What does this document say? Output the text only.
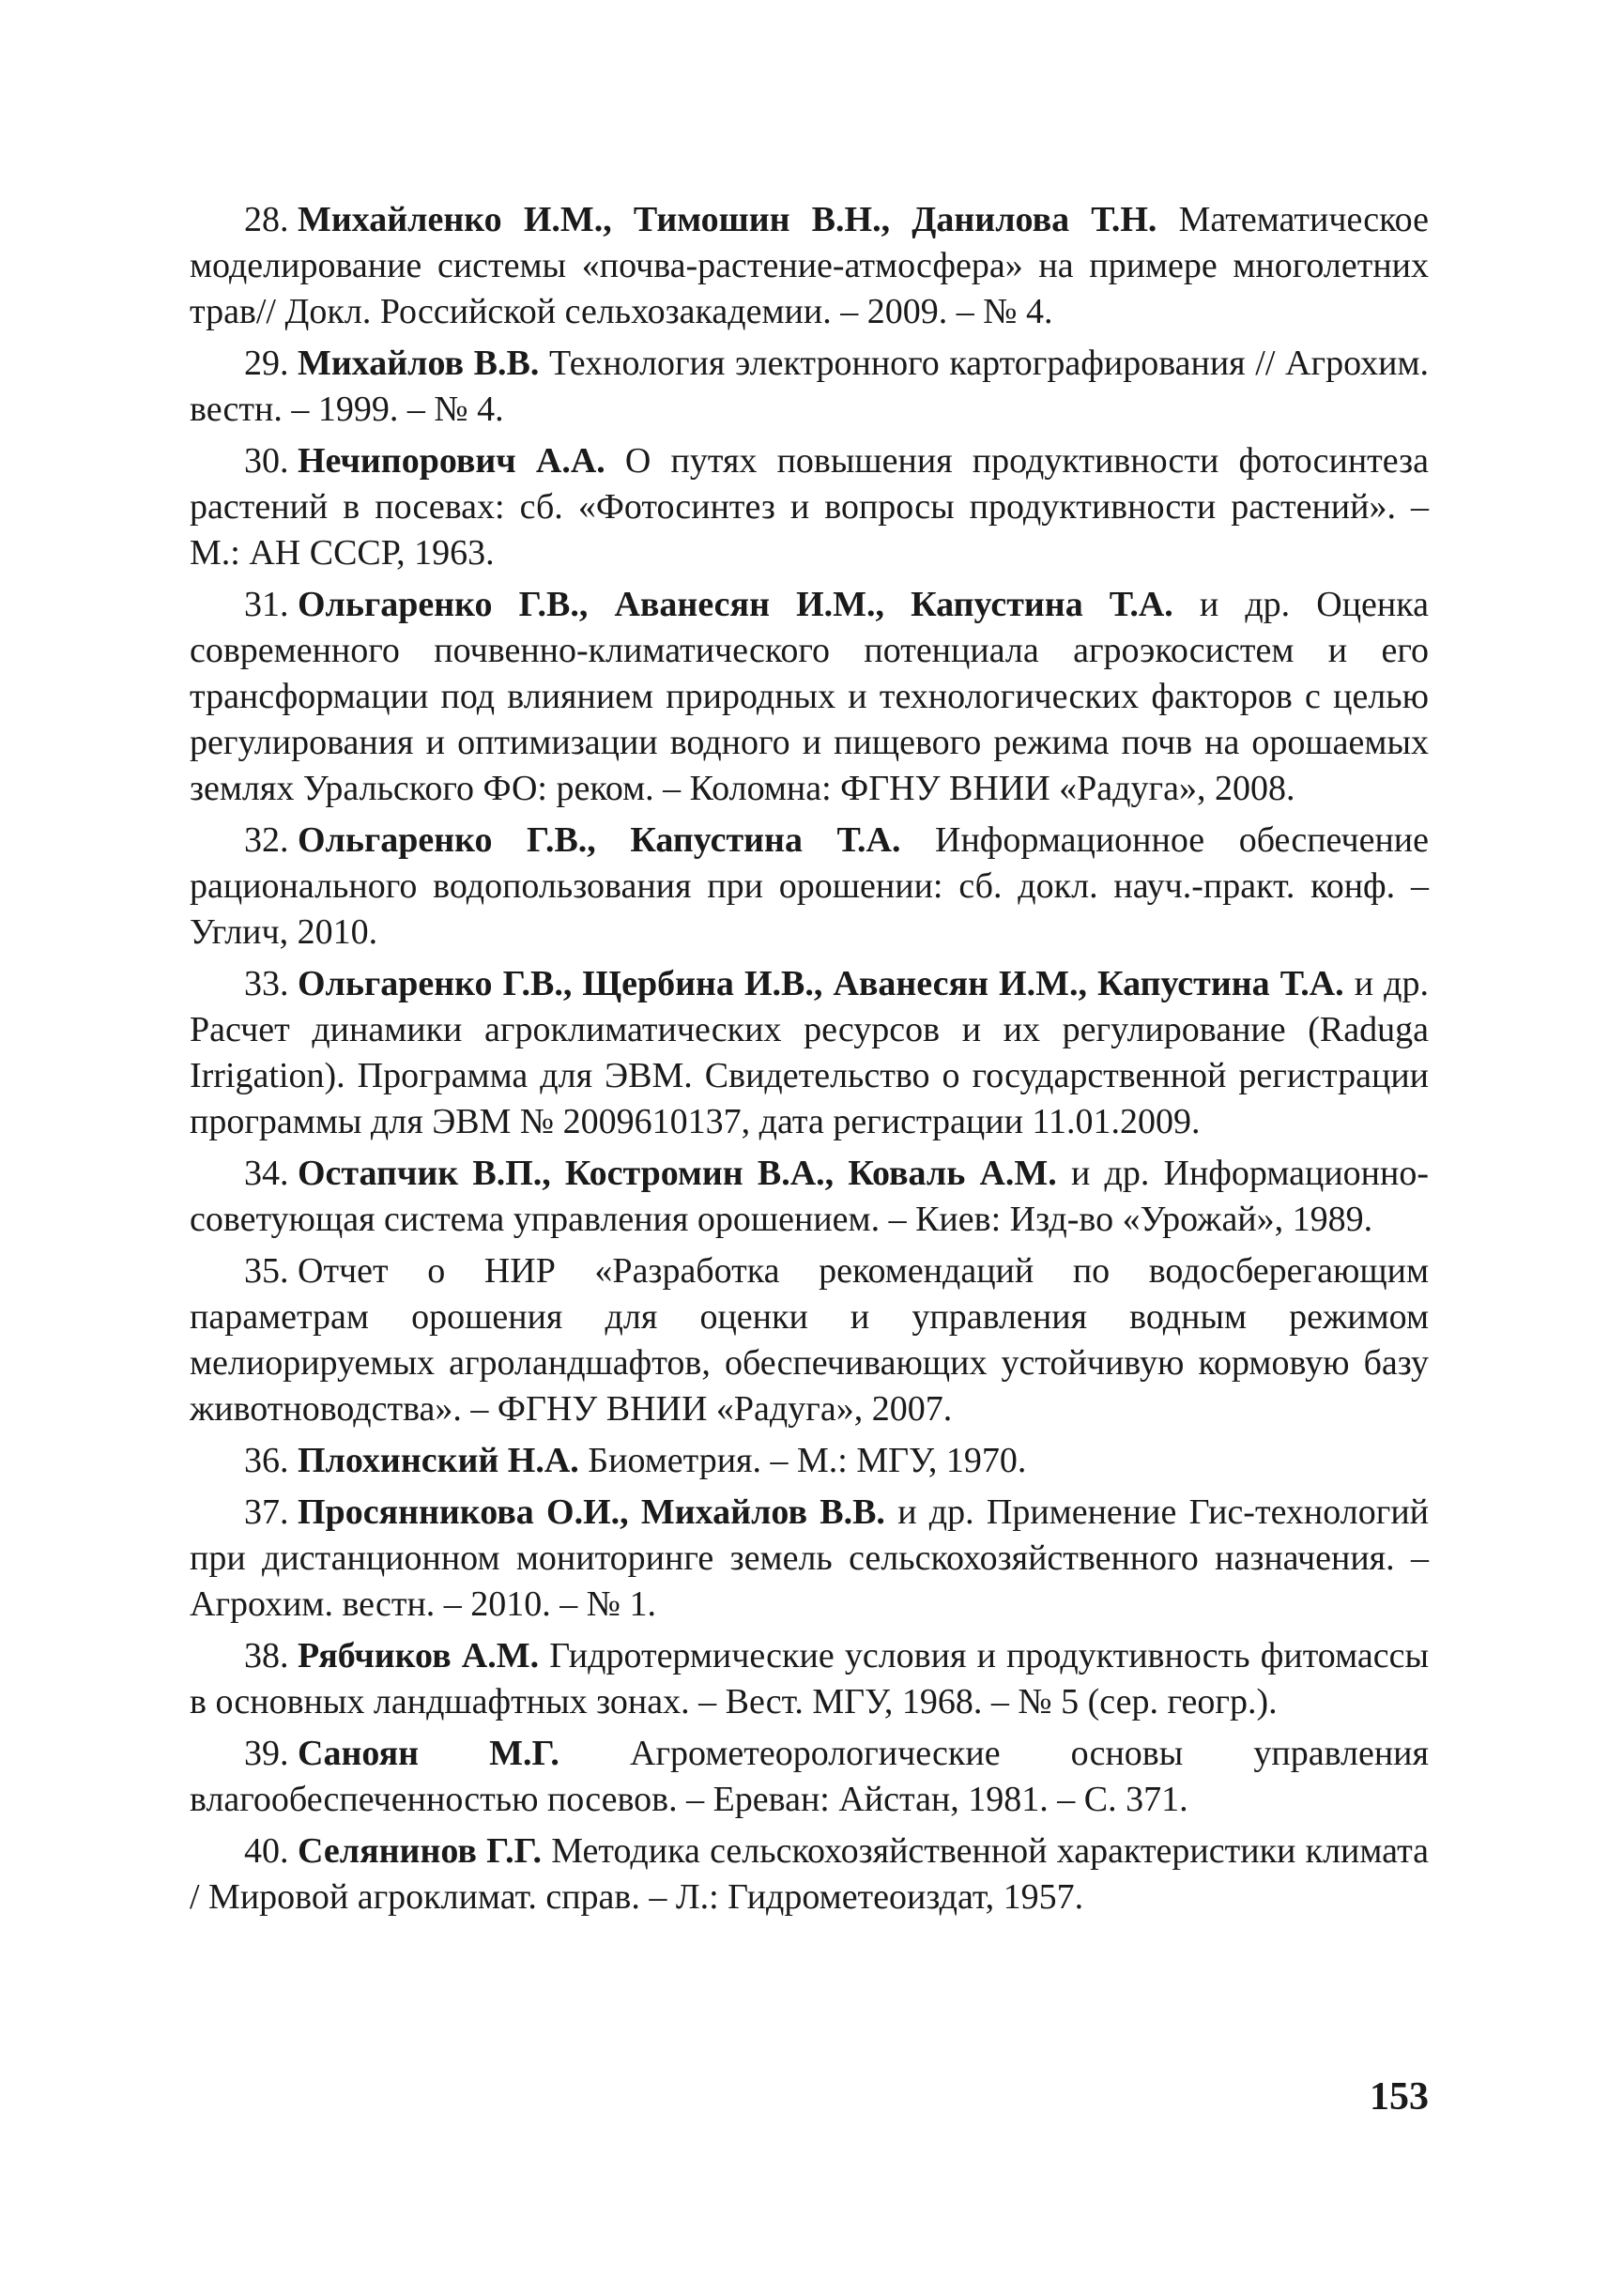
28. Михайленко И.М., Тимошин В.Н., Данилова Т.Н. Математическое моделирование системы «почва-растение-атмосфера» на примере многолетних трав// Докл. Российской сельхозакадемии. – 2009. – № 4.

29. Михайлов В.В. Технология электронного картографирования // Агрохим. вестн. – 1999. – № 4.

30. Нечипорович А.А. О путях повышения продуктивности фотосинтеза растений в посевах: сб. «Фотосинтез и вопросы продуктивности растений». – М.: АН СССР, 1963.

31. Ольгаренко Г.В., Аванесян И.М., Капустина Т.А. и др. Оценка современного почвенно-климатического потенциала агроэкосистем и его трансформации под влиянием природных и технологических факторов с целью регулирования и оптимизации водного и пищевого режима почв на орошаемых землях Уральского ФО: реком. – Коломна: ФГНУ ВНИИ «Радуга», 2008.

32. Ольгаренко Г.В., Капустина Т.А. Информационное обеспечение рационального водопользования при орошении: сб. докл. науч.-практ. конф. – Углич, 2010.

33. Ольгаренко Г.В., Щербина И.В., Аванесян И.М., Капустина Т.А. и др. Расчет динамики агроклиматических ресурсов и их регулирование (Raduga Irrigation). Программа для ЭВМ. Свидетельство о государственной регистрации программы для ЭВМ № 2009610137, дата регистрации 11.01.2009.

34. Остапчик В.П., Костромин В.А., Коваль А.М. и др. Информационно-советующая система управления орошением. – Киев: Изд-во «Урожай», 1989.

35. Отчет о НИР «Разработка рекомендаций по водосберегающим параметрам орошения для оценки и управления водным режимом мелиорируемых агроландшафтов, обеспечивающих устойчивую кормовую базу животноводства». – ФГНУ ВНИИ «Радуга», 2007.

36. Плохинский Н.А. Биометрия. – М.: МГУ, 1970.

37. Просянникова О.И., Михайлов В.В. и др. Применение Гис-технологий при дистанционном мониторинге земель сельскохозяйственного назначения. – Агрохим. вестн. – 2010. – № 1.

38. Рябчиков А.М. Гидротермические условия и продуктивность фитомассы в основных ландшафтных зонах. – Вест. МГУ, 1968. – № 5 (сер. геогр.).

39. Саноян М.Г. Агрометеорологические основы управления влагообеспеченностью посевов. – Ереван: Айстан, 1981. – С. 371.

40. Селянинов Г.Г. Методика сельскохозяйственной характеристики климата / Мировой агроклимат. справ. – Л.: Гидрометеоиздат, 1957.

153
